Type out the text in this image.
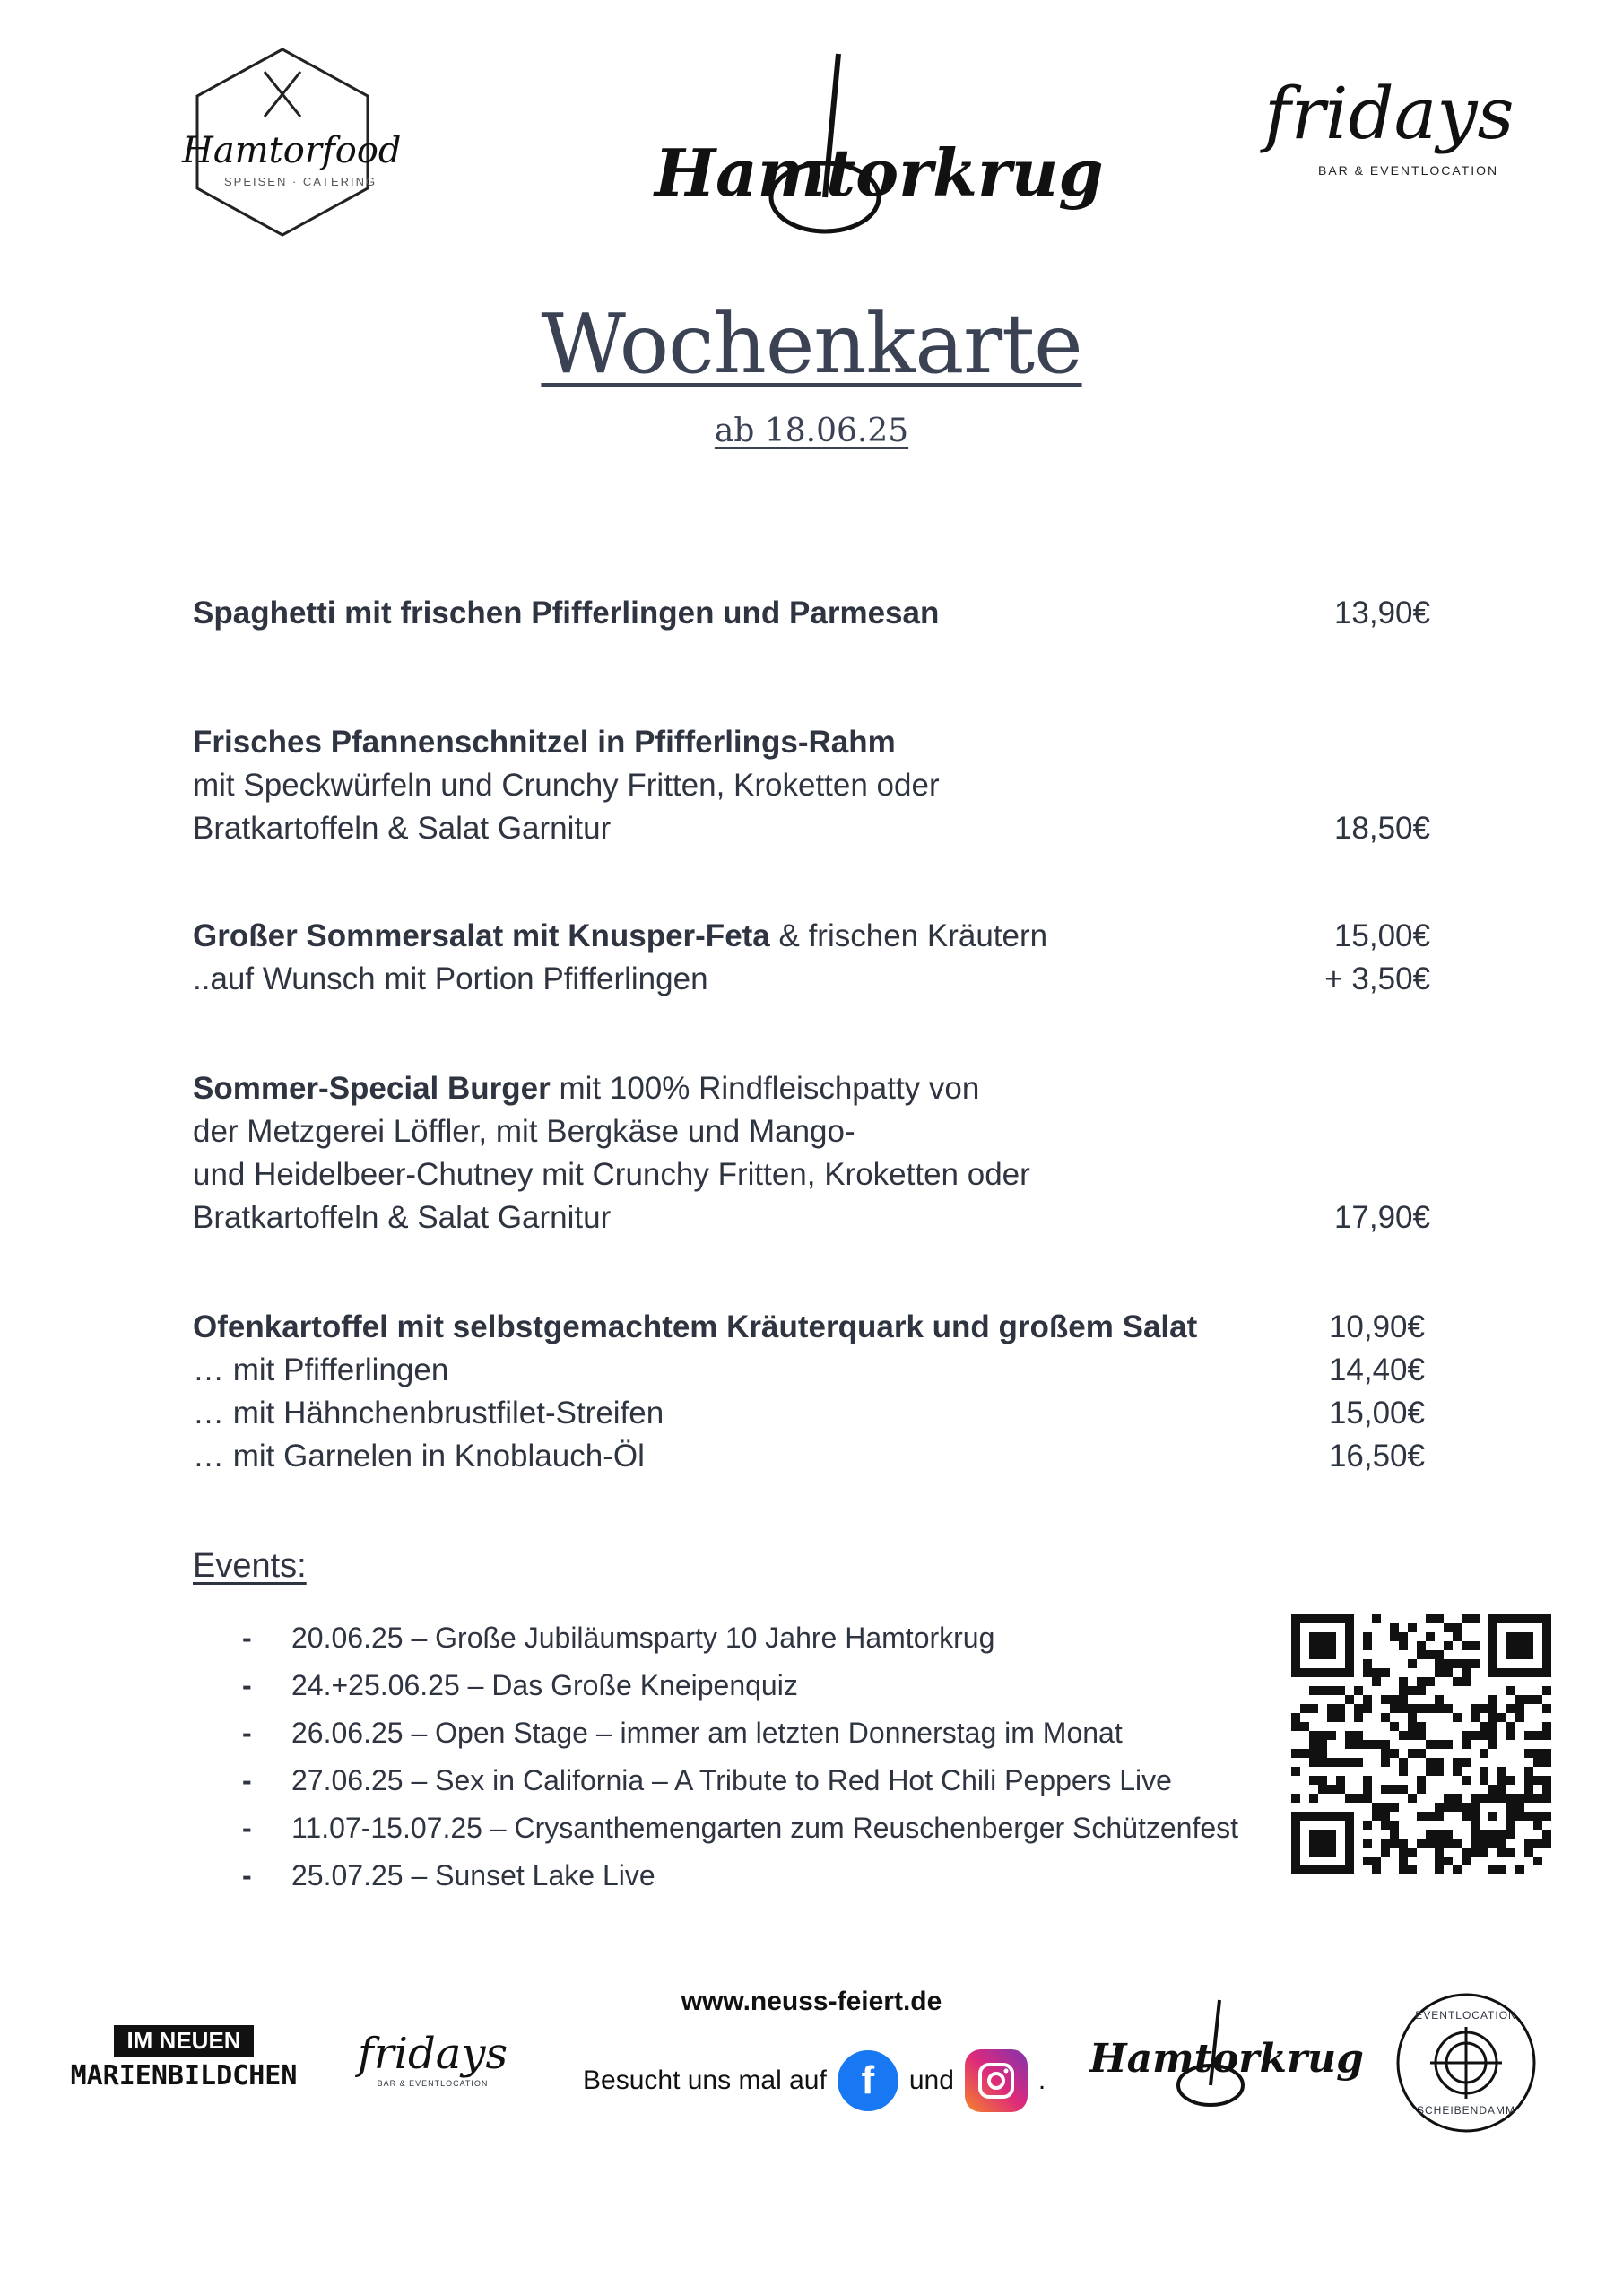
Hamtorfood
SPEISEN · CATERING	Hamtorkrug
fridays
BAR & EVENTLOCATION
Wochenkarte
ab 18.06.25
Spaghetti mit frischen Pfifferlingen und Parmesan	13,90€
Frisches Pfannenschnitzel in Pfifferlings-Rahm
mit Speckwürfeln und Crunchy Fritten, Kroketten oder
Bratkartoffeln & Salat Garnitur	18,50€
Großer Sommersalat mit Knusper-Feta & frischen Kräutern	15,00€
..auf Wunsch mit Portion Pfifferlingen	+ 3,50€
Sommer-Special Burger mit 100% Rindfleischpatty von
der Metzgerei Löffler, mit Bergkäse und Mango-
und Heidelbeer-Chutney mit Crunchy Fritten, Kroketten oder
Bratkartoffeln & Salat Garnitur	17,90€
Ofenkartoffel mit selbstgemachtem Kräuterquark und großem Salat	10,90€
… mit Pfifferlingen	14,40€
… mit Hähnchenbrustfilet-Streifen	15,00€
… mit Garnelen in Knoblauch-Öl	16,50€
Events:
-	20.06.25 – Große Jubiläumsparty 10 Jahre Hamtorkrug
-	24.+25.06.25 – Das Große Kneipenquiz
-	26.06.25 – Open Stage – immer am letzten Donnerstag im Monat
-	27.06.25 – Sex in California – A Tribute to Red Hot Chili Peppers Live
-	11.07-15.07.25 – Crysanthemengarten zum Reuschenberger Schützenfest
-	25.07.25 – Sunset Lake Live
IM NEUEN
MARIENBILDCHEN fridays
BAR & EVENTLOCATION
www.neuss-feiert.de
Besucht uns mal auf f	und	. Hamtorkrug
EVENTLOCATION
SCHEIBENDAMM
